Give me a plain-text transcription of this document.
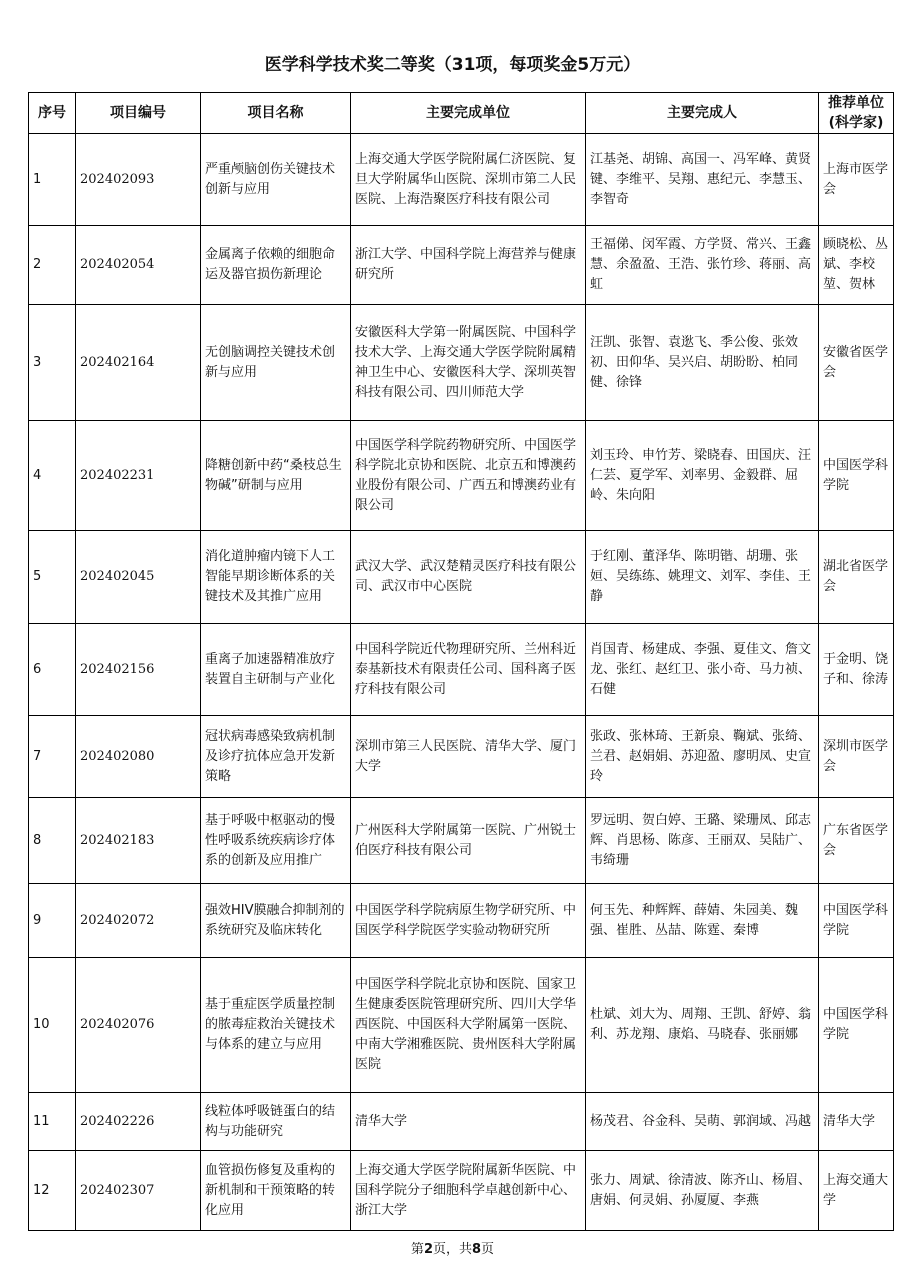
医学科学技术奖二等奖（31项，每项奖金5万元）
序号	项目编号	项目名称	主要完成单位	主要完成人	推荐单位(科学家)
1	202402093	严重颅脑创伤关键技术创新与应用	上海交通大学医学院附属仁济医院、复旦大学附属华山医院、深圳市第二人民医院、上海浩聚医疗科技有限公司	江基尧、胡锦、高国一、冯军峰、黄贤键、李维平、吴翔、惠纪元、李慧玉、李智奇	上海市医学会
2	202402054	金属离子依赖的细胞命运及器官损伤新理论	浙江大学、中国科学院上海营养与健康研究所	王福俤、闵军霞、方学贤、常兴、王鑫慧、余盈盈、王浩、张竹珍、蒋丽、高虹	顾晓松、丛斌、李校堃、贺林
3	202402164	无创脑调控关键技术创新与应用	安徽医科大学第一附属医院、中国科学技术大学、上海交通大学医学院附属精神卫生中心、安徽医科大学、深圳英智科技有限公司、四川师范大学	汪凯、张智、袁逖飞、季公俊、张效初、田仰华、吴兴启、胡盼盼、柏同健、徐锋	安徽省医学会
4	202402231	降糖创新中药“桑枝总生物碱”研制与应用	中国医学科学院药物研究所、中国医学科学院北京协和医院、北京五和博澳药业股份有限公司、广西五和博澳药业有限公司	刘玉玲、申竹芳、梁晓春、田国庆、汪仁芸、夏学军、刘率男、金毅群、屈岭、朱向阳	中国医学科学院
5	202402045	消化道肿瘤内镜下人工智能早期诊断体系的关键技术及其推广应用	武汉大学、武汉楚精灵医疗科技有限公司、武汉市中心医院	于红刚、董泽华、陈明锴、胡珊、张姮、吴练练、姚理文、刘军、李佳、王静	湖北省医学会
6	202402156	重离子加速器精准放疗装置自主研制与产业化	中国科学院近代物理研究所、兰州科近泰基新技术有限责任公司、国科离子医疗科技有限公司	肖国青、杨建成、李强、夏佳文、詹文龙、张红、赵红卫、张小奇、马力祯、石健	于金明、饶子和、徐涛
7	202402080	冠状病毒感染致病机制及诊疗抗体应急开发新策略	深圳市第三人民医院、清华大学、厦门大学	张政、张林琦、王新泉、鞠斌、张绮、兰君、赵娟娟、苏迎盈、廖明凤、史宣玲	深圳市医学会
8	202402183	基于呼吸中枢驱动的慢性呼吸系统疾病诊疗体系的创新及应用推广	广州医科大学附属第一医院、广州锐士伯医疗科技有限公司	罗远明、贺白婷、王璐、梁珊凤、邱志辉、肖思杨、陈彦、王丽双、吴陆广、韦绮珊	广东省医学会
9	202402072	强效HIV膜融合抑制剂的系统研究及临床转化	中国医学科学院病原生物学研究所、中国医学科学院医学实验动物研究所	何玉先、种辉辉、薛婧、朱园美、魏强、崔胜、丛喆、陈霆、秦博	中国医学科学院
10	202402076	基于重症医学质量控制的脓毒症救治关键技术与体系的建立与应用	中国医学科学院北京协和医院、国家卫生健康委医院管理研究所、四川大学华西医院、中国医科大学附属第一医院、中南大学湘雅医院、贵州医科大学附属医院	杜斌、刘大为、周翔、王凯、舒婷、翁利、苏龙翔、康焰、马晓春、张丽娜	中国医学科学院
11	202402226	线粒体呼吸链蛋白的结构与功能研究	清华大学	杨茂君、谷金科、吴萌、郭润域、冯越	清华大学
12	202402307	血管损伤修复及重构的新机制和干预策略的转化应用	上海交通大学医学院附属新华医院、中国科学院分子细胞科学卓越创新中心、浙江大学	张力、周斌、徐清波、陈齐山、杨眉、唐娟、何灵娟、孙厦厦、李燕	上海交通大学
第2页，共8页
